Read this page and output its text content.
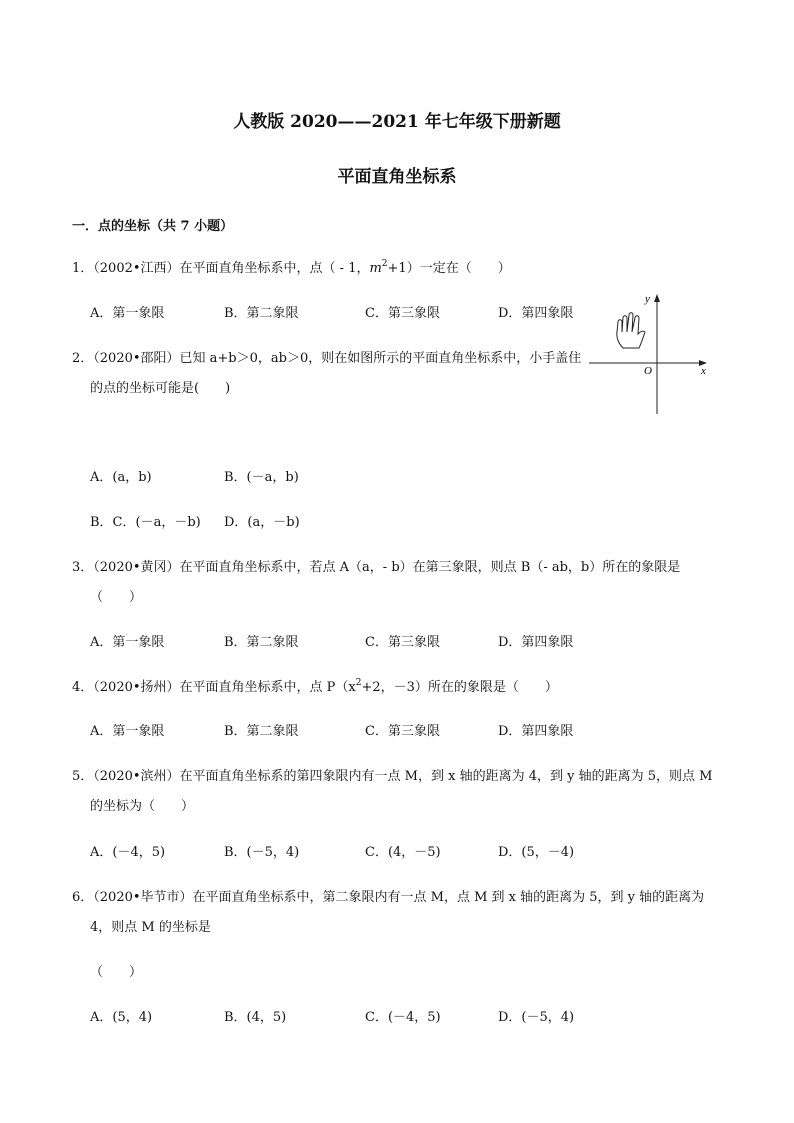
人教版 2020——2021 年七年级下册新题
平面直角坐标系
一．点的坐标（共 7 小题）
1．（2002•江西）在平面直角坐标系中，点（ - 1，$m^2+1$）一定在（　　）
A．第一象限	B．第二象限	C．第三象限	D．第四象限
y
x
O
2．（2020•邵阳）已知 a+b＞0，ab＞0，则在如图所示的平面直角坐标系中，小手盖住
的点的坐标可能是(　　)
A．(a，b)	B．(－a，b)
B．C．(－a，－b) D．(a，－b)
3．（2020•黄冈）在平面直角坐标系中，若点 A（a，- b）在第三象限，则点 B（- ab，b）所在的象限是
（　　）
A．第一象限	B．第二象限	C．第三象限	D．第四象限
4．（2020•扬州）在平面直角坐标系中，点 $P(x^2+2$，－3）所在的象限是（　　）
A．第一象限	B．第二象限	C．第三象限	D．第四象限
5．（2020•滨州）在平面直角坐标系的第四象限内有一点 M，到 x 轴的距离为 4，到 y 轴的距离为 5，则点 M
的坐标为（　　）
A．(－4，5)	B．(－5，4)	C．(4，－5)	D．(5，－4)
6．（2020•毕节市）在平面直角坐标系中，第二象限内有一点 M，点 M 到 x 轴的距离为 5，到 y 轴的距离为
4，则点 M 的坐标是
（　　）
A．(5，4)	B．(4，5)	C．(－4，5)	D．(－5，4)
